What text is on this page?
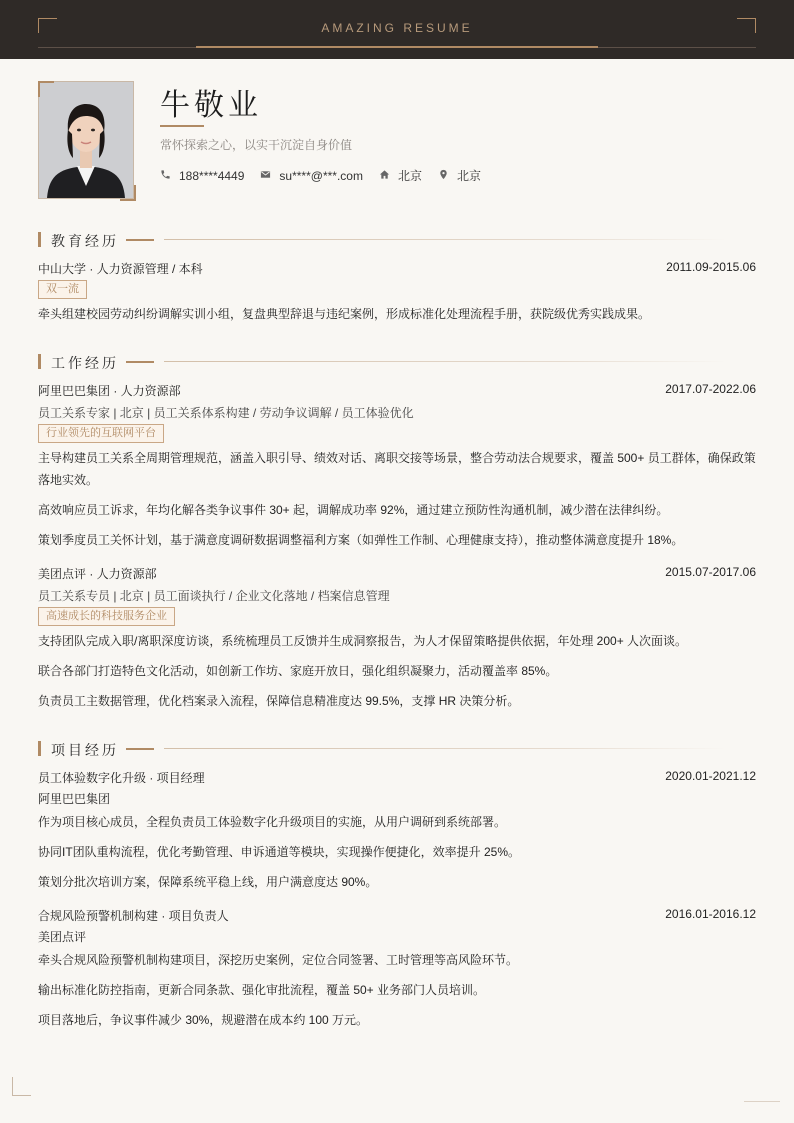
AMAZING RESUME
牛敬业
常怀探索之心，以实干沉淀自身价值
188****4449	su****@***.com	北京	北京
教育经历
中山大学 · 人力资源管理 / 本科	2011.09-2015.06
双一流
牵头组建校园劳动纠纷调解实训小组，复盘典型辞退与违纪案例，形成标准化处理流程手册，获院级优秀实践成果。
工作经历
阿里巴巴集团 · 人力资源部	2017.07-2022.06
员工关系专家 | 北京 | 员工关系体系构建 / 劳动争议调解 / 员工体验优化
行业领先的互联网平台
主导构建员工关系全周期管理规范，涵盖入职引导、绩效对话、离职交接等场景，整合劳动法合规要求，覆盖 500+ 员工群体，确保政策落地实效。
高效响应员工诉求，年均化解各类争议事件 30+ 起，调解成功率 92%，通过建立预防性沟通机制，减少潜在法律纠纷。
策划季度员工关怀计划，基于满意度调研数据调整福利方案（如弹性工作制、心理健康支持），推动整体满意度提升 18%。
美团点评 · 人力资源部	2015.07-2017.06
员工关系专员 | 北京 | 员工面谈执行 / 企业文化落地 / 档案信息管理
高速成长的科技服务企业
支持团队完成入职/离职深度访谈，系统梳理员工反馈并生成洞察报告，为人才保留策略提供依据，年处理 200+ 人次面谈。
联合各部门打造特色文化活动，如创新工作坊、家庭开放日，强化组织凝聚力，活动覆盖率 85%。
负责员工主数据管理，优化档案录入流程，保障信息精准度达 99.5%，支撑 HR 决策分析。
项目经历
员工体验数字化升级 · 项目经理	2020.01-2021.12
阿里巴巴集团
作为项目核心成员，全程负责员工体验数字化升级项目的实施，从用户调研到系统部署。
协同IT团队重构流程，优化考勤管理、申诉通道等模块，实现操作便捷化，效率提升 25%。
策划分批次培训方案，保障系统平稳上线，用户满意度达 90%。
合规风险预警机制构建 · 项目负责人	2016.01-2016.12
美团点评
牵头合规风险预警机制构建项目，深挖历史案例，定位合同签署、工时管理等高风险环节。
输出标准化防控指南，更新合同条款、强化审批流程，覆盖 50+ 业务部门人员培训。
项目落地后，争议事件减少 30%，规避潜在成本约 100 万元。
